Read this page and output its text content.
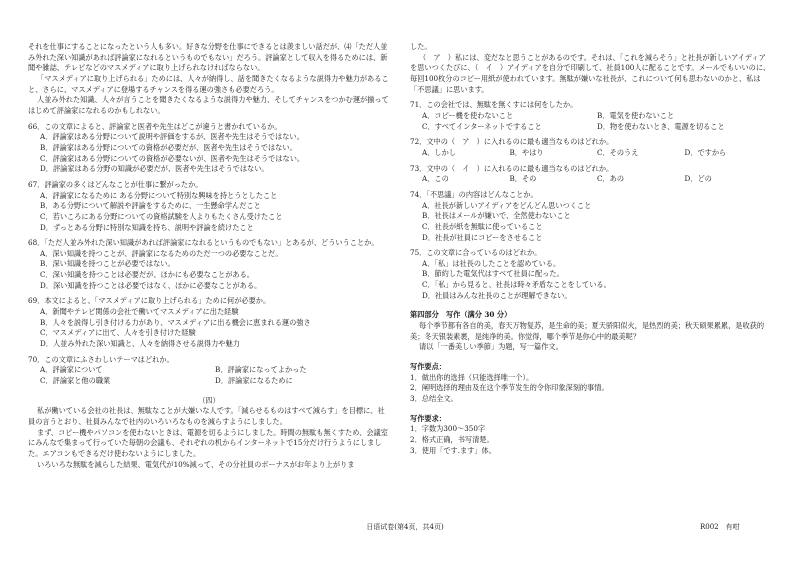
それを仕事にすることになったという人も多い。好きな分野を仕事にできるとは羨ましい話だが、⑷「ただ人並み外れた深い知識があれば評論家になれるというものでもない」だろう。評論家として収入を得るためには、新聞や雑誌、テレビなどのマスメディアに取り上げられなければならない。

「マスメディアに取り上げられる」ためには、人々が納得し、話を聞きたくなるような説得力や魅力があること、さらに、マスメディアに登場するチャンスを得る運の強さも必要だろう。

人並み外れた知識、人々が言うことを聞きたくなるような説得力や魅力、そしてチャンスをつかむ運が揃ってはじめて評論家になれるのかもしれない。

66．この文章によると、評論家と医者や先生はどこが違うと書かれているか。
A．評論家はある分野について説明や評価をするが、医者や先生はそうではない。
B．評論家はある分野についての資格が必要だが、医者や先生はそうではない。
C．評論家はある分野についての資格が必要ないが、医者や先生はそうではない。
D．評論家はある分野の知識が必要だが、医者や先生はそうではない。
67．評論家の多くはどんなことが仕事に繋がったか。
A．評論家になるために ある分野について特別な興味を持とうとしたこと
B．ある分野について解説や評論をするために、一生懸命学んだこと
C．若いころにある分野についての資格試験を人よりもたくさん受けたこと
D．ずっとある分野に特別な知識を持ち、説明や評論を続けたこと
68．「ただ人並み外れた深い知識があれば評論家になれるというものでもない」とあるが、どういうことか。
A．深い知識を持つことが、評論家になるためのただ一つの必要なことだ。
B．深い知識を持つことが必要ではない。
C．深い知識を持つことは必要だが、ほかにも必要なことがある。
D．深い知識を持つことは必要ではなく、ほかに必要なことがある。
69．本文によると、「マスメディアに取り上げられる」ために何が必要か。
A．新聞やテレビ関係の会社で働いてマスメディアに出た経験
B．人々を説得し引き付ける力があり、マスメディアに出る機会に恵まれる運の強さ
C．マスメディアに出て、人々を引き付けた経験
D．人並み外れた深い知識と、人々を納得させる説得力や魅力
70．この文章にふさわしいテーマはどれか。
A．評論家について	B．評論家になってよかった
C．評論家と他の職業	D．評論家になるために
（四）

私が働いている会社の社長は、無駄なことが大嫌いな人です。「減らせるものはすべて減らす」を目標に、社員の言うとおり、社員みんなで社内のいろいろなものを減らすようにしました。

まず、コピー機やパソコンを使わないときは、電源を切るようにしました。時間の無駄も無くすため、会議室にみんなで集まって行っていた毎朝の会議も、それぞれの机からインターネットで15分だけ行うようにしました。エアコンもできるだけ使わないようにしました。

いろいろな無駄を減らした結果、電気代が10%減って、その分社員のボーナスがお年より上がりま

した。

（　ア　）私には、変だなと思うことがあるのです。それは、「これを減らそう」と社長が新しいアイディアを思いつくたびに、（　イ　）アイディアを自分で印刷して、社員100人に配ることです。メールでもいいのに、毎回100枚分のコピー用紙が使われています。無駄が嫌いな社長が、これについて何も思わないのかと、私は「不思議」に思います。

71．この会社では、無駄を無くすには何をしたか。
A．コピー機を使わないこと	B．電気を使わないこと
C．すべてインターネットですること	D．物を使わないとき、電源を切ること
72．文中の（　ア　）に入れるのに最も適当なものはどれか。
A．しかし	B．やはり	C．そのうえ	D．ですから
73．文中の（　イ　）に入れるのに最も適当なものはどれか。
A．この	B．その	C．あの	D．どの
74．「不思議」の内容はどんなことか。
A．社長が新しいアイディアをどんどん思いつくこと
B．社長はメールが嫌いで、全然使わないこと
C．社長が紙を無駄に使っていること
D．社長が社員にコピーをさせること
75．この文章に合っているのはどれか。
A．「私」は社長のしたことを認めている。
B．節約した電気代はすべて社員に配った。
C．「私」から見ると、社長は時々矛盾なことをしている。
D．社員はみんな社長のことが理解できない。
第四部分　写作（满分 30 分）

每个季节都有各自的美，春天万物复苏，是生命的美；夏天骄阳似火，是热烈的美；秋天硕果累累，是收获的美；冬天银装素裹，是纯净的美。你觉得，哪个季节是你心中的最美呢？

请以「一番美しい季節」为题，写一篇作文。

写作要点：
1．做出你的选择（只能选择唯一个）。
2．阐明选择的理由及在这个季节发生的令你印象深刻的事情。
3．总结全文。
写作要求：
1．字数为300～350字
2．格式正确，书写清楚。
3．使用「です.ます」体。
日语试卷(第4页，共4页)	R002　有咁
